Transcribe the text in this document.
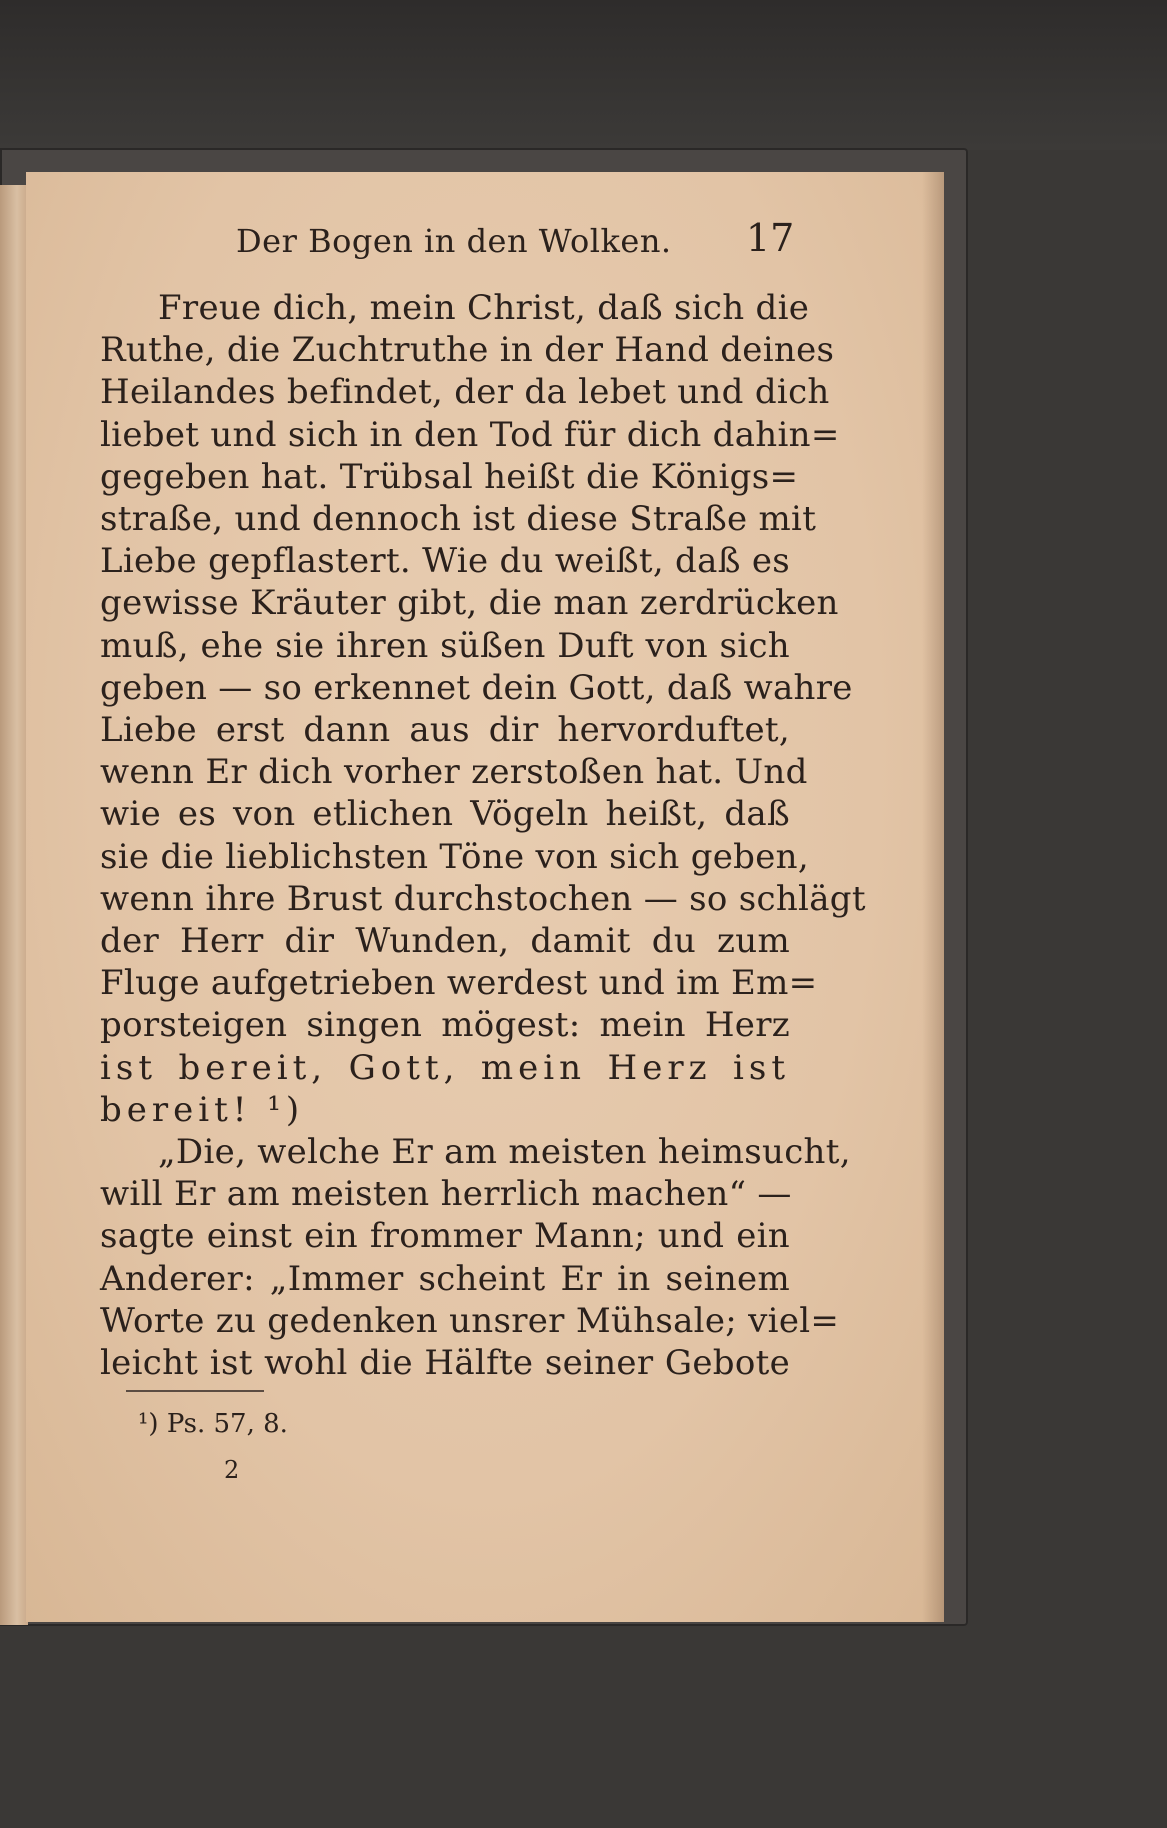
Der Bogen in den Wolken. 17
Freue dich, mein Christ, daß sich die
Ruthe, die Zuchtruthe in der Hand deines
Heilandes befindet, der da lebet und dich
liebet und sich in den Tod für dich dahin=
gegeben hat. Trübsal heißt die Königs=
straße, und dennoch ist diese Straße mit
Liebe gepflastert. Wie du weißt, daß es
gewisse Kräuter gibt, die man zerdrücken
muß, ehe sie ihren süßen Duft von sich
geben — so erkennet dein Gott, daß wahre
Liebe erst dann aus dir hervorduftet,
wenn Er dich vorher zerstoßen hat. Und
wie es von etlichen Vögeln heißt, daß
sie die lieblichsten Töne von sich geben,
wenn ihre Brust durchstochen — so schlägt
der Herr dir Wunden, damit du zum
Fluge aufgetrieben werdest und im Em=
porsteigen singen mögest: mein Herz
ist bereit, Gott, mein Herz ist
bereit! ¹)
„Die, welche Er am meisten heimsucht,
will Er am meisten herrlich machen“ —
sagte einst ein frommer Mann; und ein
Anderer: „Immer scheint Er in seinem
Worte zu gedenken unsrer Mühsale; viel=
leicht ist wohl die Hälfte seiner Gebote
¹) Ps. 57, 8.
2
